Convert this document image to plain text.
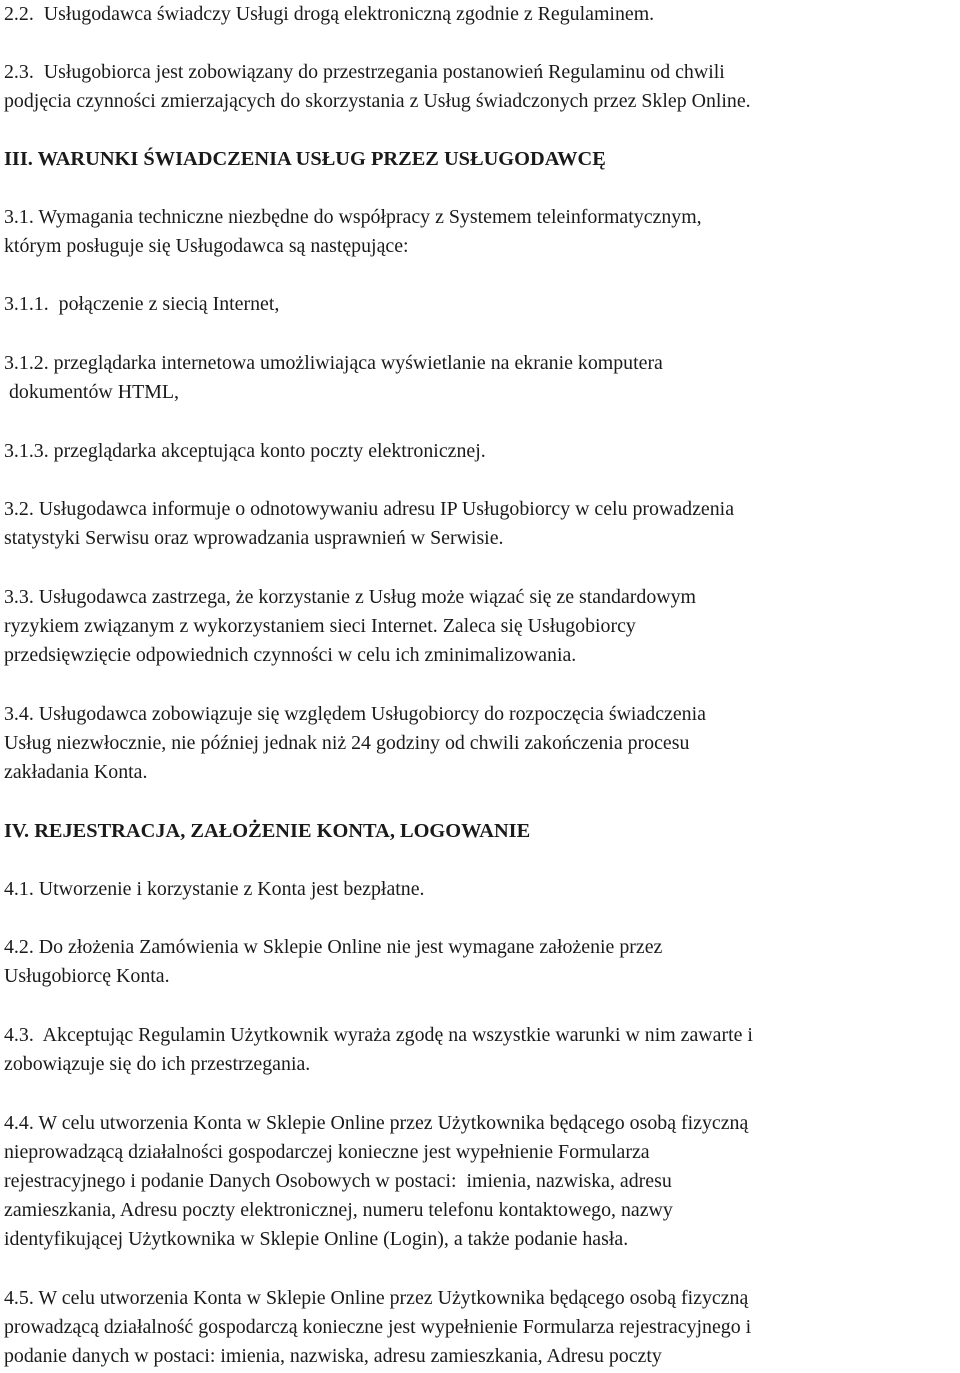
2.2.  Usługodawca świadczy Usługi drogą elektroniczną zgodnie z Regulaminem.
2.3.  Usługobiorca jest zobowiązany do przestrzegania postanowień Regulaminu od chwili
podjęcia czynności zmierzających do skorzystania z Usług świadczonych przez Sklep Online.
III. WARUNKI ŚWIADCZENIA USŁUG PRZEZ USŁUGODAWCĘ
3.1. Wymagania techniczne niezbędne do współpracy z Systemem teleinformatycznym,
którym posługuje się Usługodawca są następujące:
3.1.1.  połączenie z siecią Internet,
3.1.2. przeglądarka internetowa umożliwiająca wyświetlanie na ekranie komputera
dokumentów HTML,
3.1.3. przeglądarka akceptująca konto poczty elektronicznej.
3.2. Usługodawca informuje o odnotowywaniu adresu IP Usługobiorcy w celu prowadzenia
statystyki Serwisu oraz wprowadzania usprawnień w Serwisie.
3.3. Usługodawca zastrzega, że korzystanie z Usług może wiązać się ze standardowym
ryzykiem związanym z wykorzystaniem sieci Internet. Zaleca się Usługobiorcy
przedsięwzięcie odpowiednich czynności w celu ich zminimalizowania.
3.4. Usługodawca zobowiązuje się względem Usługobiorcy do rozpoczęcia świadczenia
Usług niezwłocznie, nie później jednak niż 24 godziny od chwili zakończenia procesu
zakładania Konta.
IV. REJESTRACJA, ZAŁOŻENIE KONTA, LOGOWANIE
4.1. Utworzenie i korzystanie z Konta jest bezpłatne.
4.2. Do złożenia Zamówienia w Sklepie Online nie jest wymagane założenie przez
Usługobiorcę Konta.
4.3.  Akceptując Regulamin Użytkownik wyraża zgodę na wszystkie warunki w nim zawarte i
zobowiązuje się do ich przestrzegania.
4.4. W celu utworzenia Konta w Sklepie Online przez Użytkownika będącego osobą fizyczną
nieprowadzącą działalności gospodarczej konieczne jest wypełnienie Formularza
rejestracyjnego i podanie Danych Osobowych w postaci:  imienia, nazwiska, adresu
zamieszkania, Adresu poczty elektronicznej, numeru telefonu kontaktowego, nazwy
identyfikującej Użytkownika w Sklepie Online (Login), a także podanie hasła.
4.5. W celu utworzenia Konta w Sklepie Online przez Użytkownika będącego osobą fizyczną
prowadzącą działalność gospodarczą konieczne jest wypełnienie Formularza rejestracyjnego i
podanie danych w postaci: imienia, nazwiska, adresu zamieszkania, Adresu poczty
